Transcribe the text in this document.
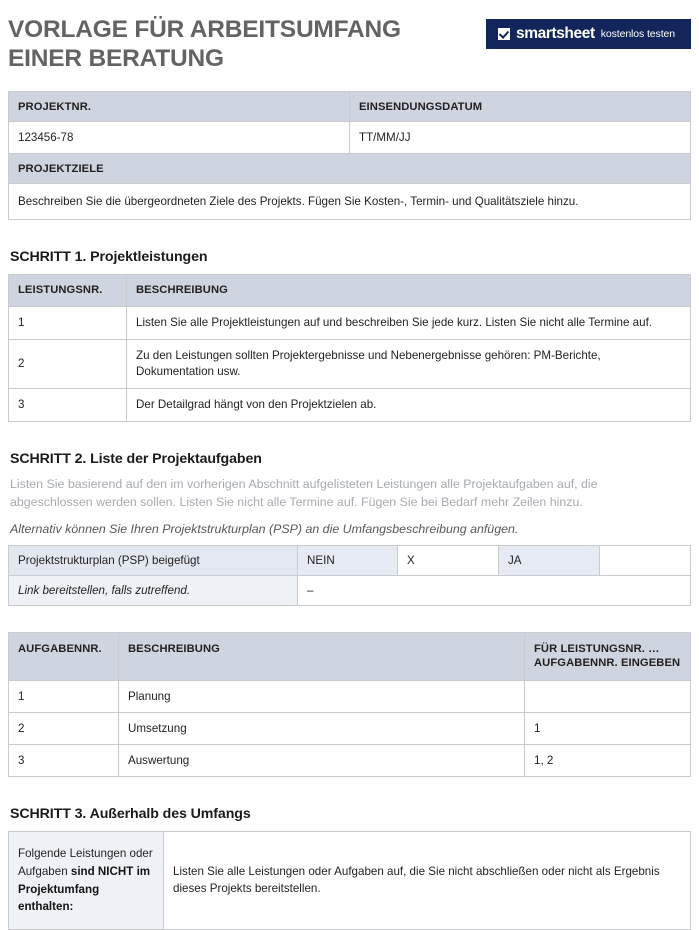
VORLAGE FÜR ARBEITSUMFANG EINER BERATUNG
smartsheet kostenlos testen
PROJEKTNR.	EINSENDUNGSDATUM
123456-78	TT/MM/JJ
PROJEKTZIELE	
Beschreiben Sie die übergeordneten Ziele des Projekts. Fügen Sie Kosten-, Termin- und Qualitätsziele hinzu.	
SCHRITT 1. Projektleistungen
LEISTUNGSNR.	BESCHREIBUNG
1	Listen Sie alle Projektleistungen auf und beschreiben Sie jede kurz. Listen Sie nicht alle Termine auf.
2	Zu den Leistungen sollten Projektergebnisse und Nebenergebnisse gehören: PM-Berichte, Dokumentation usw.
3	Der Detailgrad hängt von den Projektzielen ab.
SCHRITT 2. Liste der Projektaufgaben

Listen Sie basierend auf den im vorherigen Abschnitt aufgelisteten Leistungen alle Projektaufgaben auf, die abgeschlossen werden sollen. Listen Sie nicht alle Termine auf. Fügen Sie bei Bedarf mehr Zeilen hinzu.

Alternativ können Sie Ihren Projektstrukturplan (PSP) an die Umfangsbeschreibung anfügen.

Projektstrukturplan (PSP) beigefügt	NEIN	X	JA	
Link bereitstellen, falls zutreffend.	–			
AUFGABENNR.	BESCHREIBUNG	FÜR LEISTUNGSNR. …
AUFGABENNR. EINGEBEN
1	Planung	
2	Umsetzung	1
3	Auswertung	1, 2
SCHRITT 3. Außerhalb des Umfangs
Folgende Leistungen oder Aufgaben sind NICHT im Projektumfang enthalten:	Listen Sie alle Leistungen oder Aufgaben auf, die Sie nicht abschließen oder nicht als Ergebnis dieses Projekts bereitstellen.
